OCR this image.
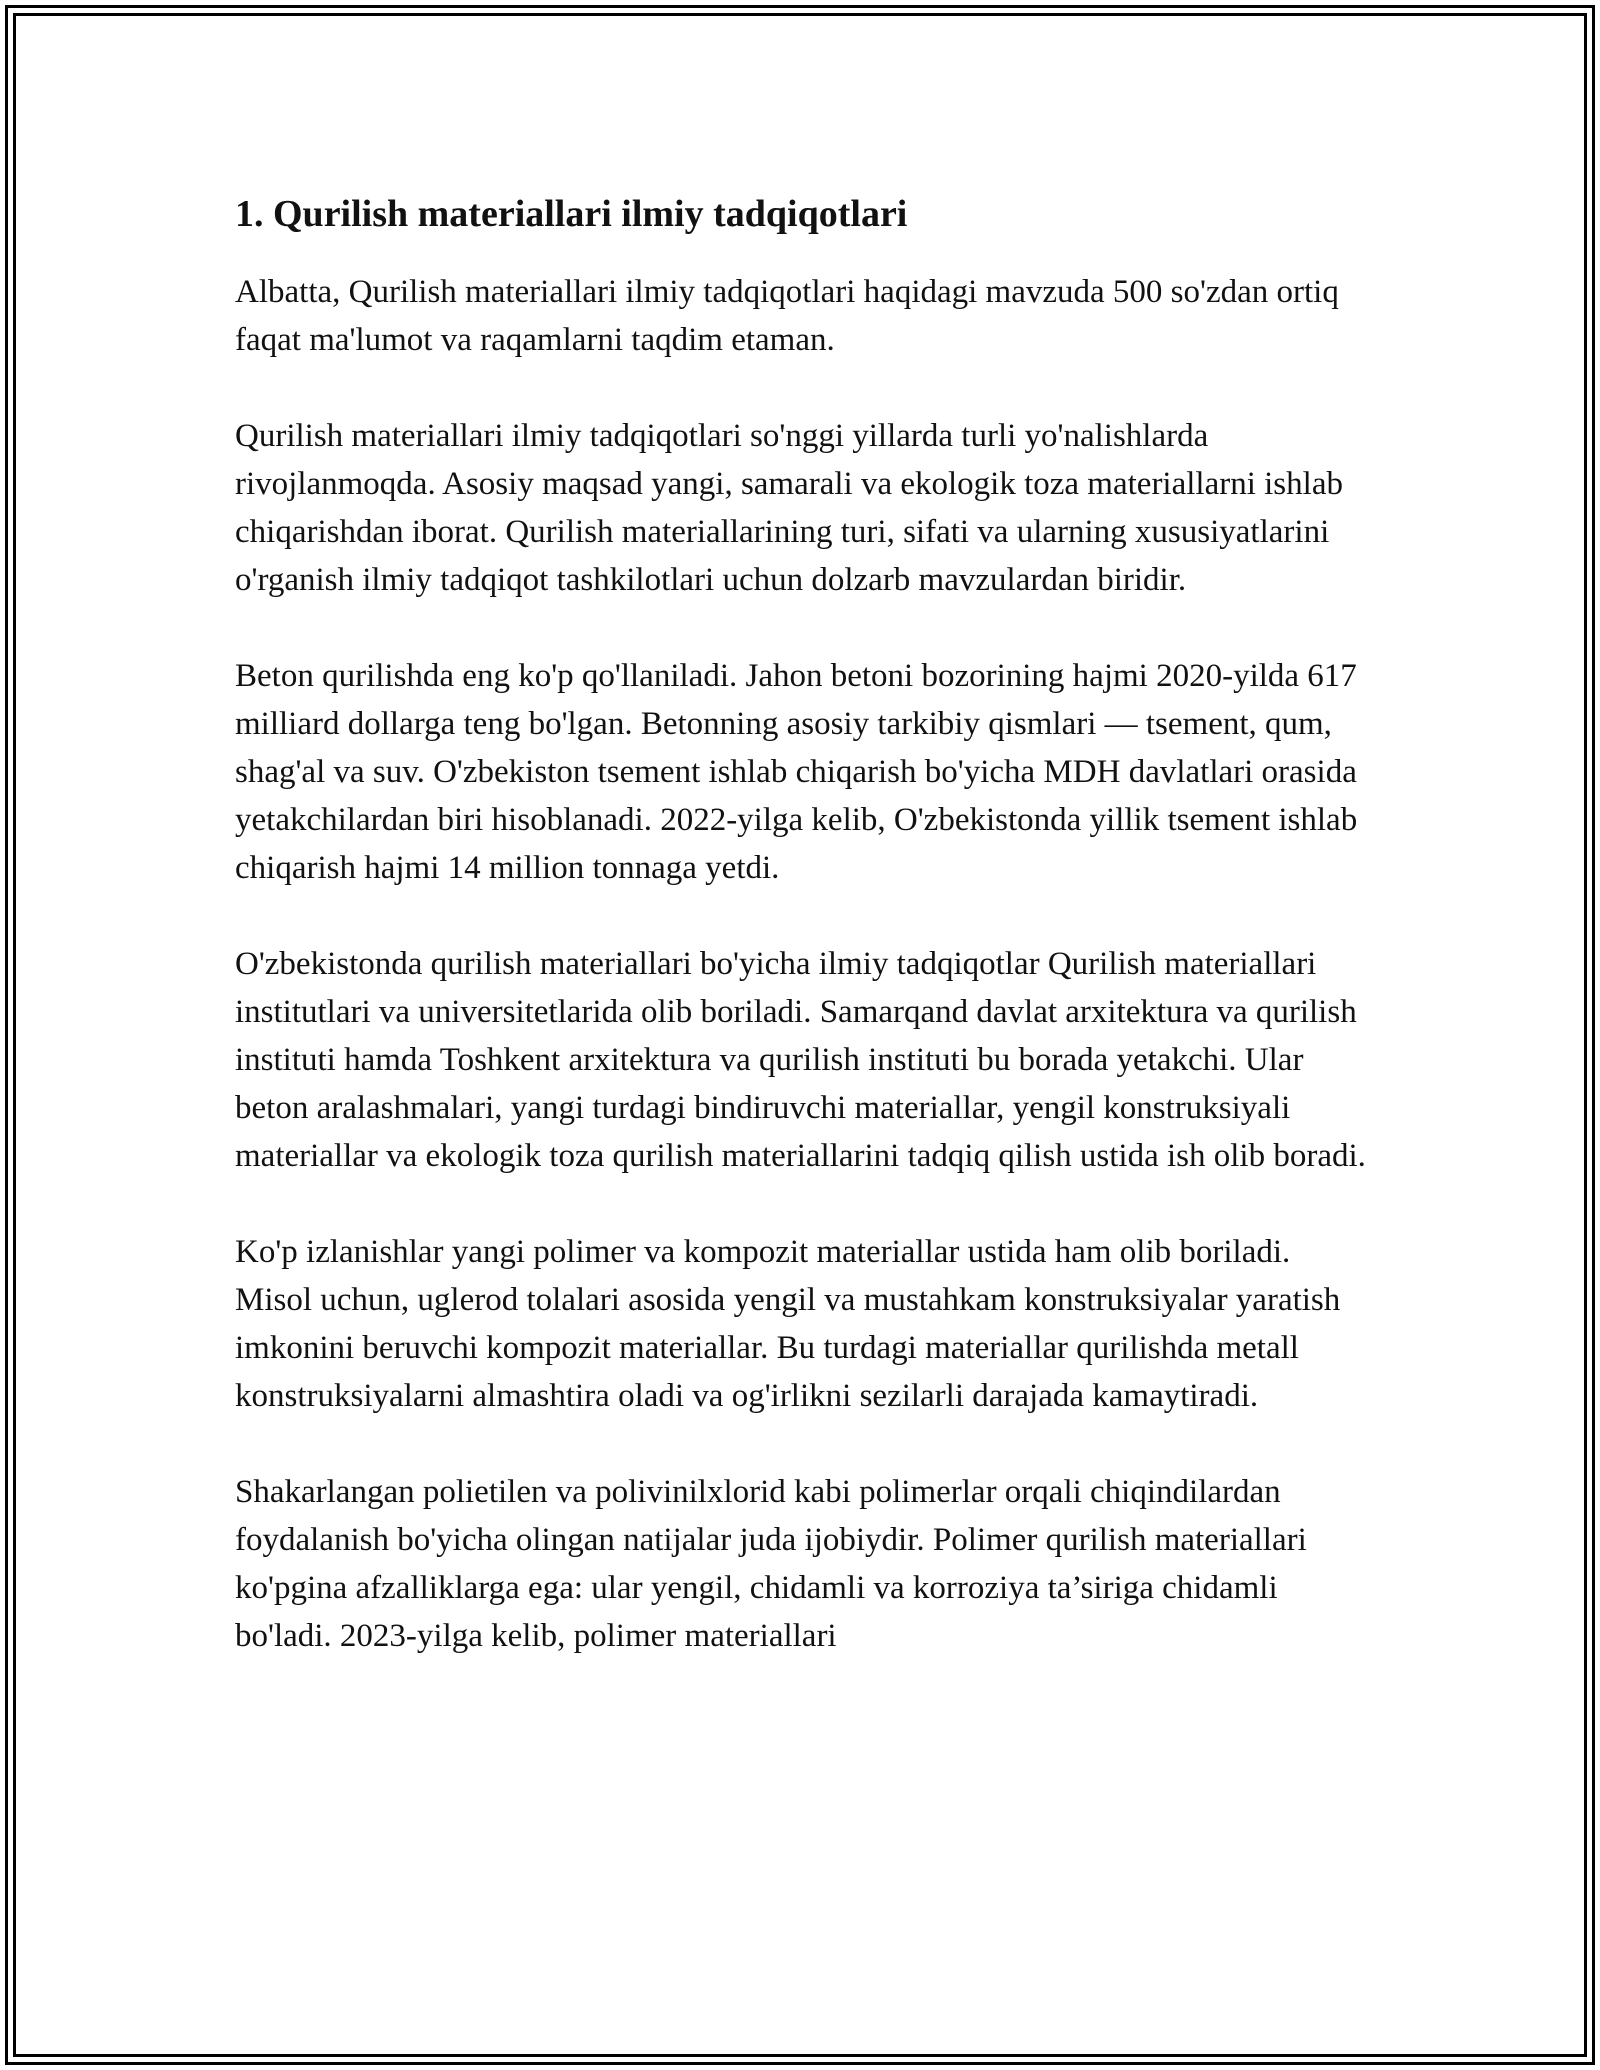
1. Qurilish materiallari ilmiy tadqiqotlari

Albatta, Qurilish materiallari ilmiy tadqiqotlari haqidagi mavzuda 500 so'zdan ortiq faqat ma'lumot va raqamlarni taqdim etaman.

Qurilish materiallari ilmiy tadqiqotlari so'nggi yillarda turli yo'nalishlarda rivojlanmoqda. Asosiy maqsad yangi, samarali va ekologik toza materiallarni ishlab chiqarishdan iborat. Qurilish materiallarining turi, sifati va ularning xususiyatlarini o'rganish ilmiy tadqiqot tashkilotlari uchun dolzarb mavzulardan biridir.

Beton qurilishda eng ko'p qo'llaniladi. Jahon betoni bozorining hajmi 2020-yilda 617 milliard dollarga teng bo'lgan. Betonning asosiy tarkibiy qismlari — tsement, qum, shag'al va suv. O'zbekiston tsement ishlab chiqarish bo'yicha MDH davlatlari orasida yetakchilardan biri hisoblanadi. 2022-yilga kelib, O'zbekistonda yillik tsement ishlab chiqarish hajmi 14 million tonnaga yetdi.

O'zbekistonda qurilish materiallari bo'yicha ilmiy tadqiqotlar Qurilish materiallari institutlari va universitetlarida olib boriladi. Samarqand davlat arxitektura va qurilish instituti hamda Toshkent arxitektura va qurilish instituti bu borada yetakchi. Ular beton aralashmalari, yangi turdagi bindiruvchi materiallar, yengil konstruksiyali materiallar va ekologik toza qurilish materiallarini tadqiq qilish ustida ish olib boradi.

Ko'p izlanishlar yangi polimer va kompozit materiallar ustida ham olib boriladi. Misol uchun, uglerod tolalari asosida yengil va mustahkam konstruksiyalar yaratish imkonini beruvchi kompozit materiallar. Bu turdagi materiallar qurilishda metall konstruksiyalarni almashtira oladi va og'irlikni sezilarli darajada kamaytiradi.

Shakarlangan polietilen va polivinilxlorid kabi polimerlar orqali chiqindilardan foydalanish bo'yicha olingan natijalar juda ijobiydir. Polimer qurilish materiallari ko'pgina afzalliklarga ega: ular yengil, chidamli va korroziya ta’siriga chidamli bo'ladi. 2023-yilga kelib, polimer materiallari
